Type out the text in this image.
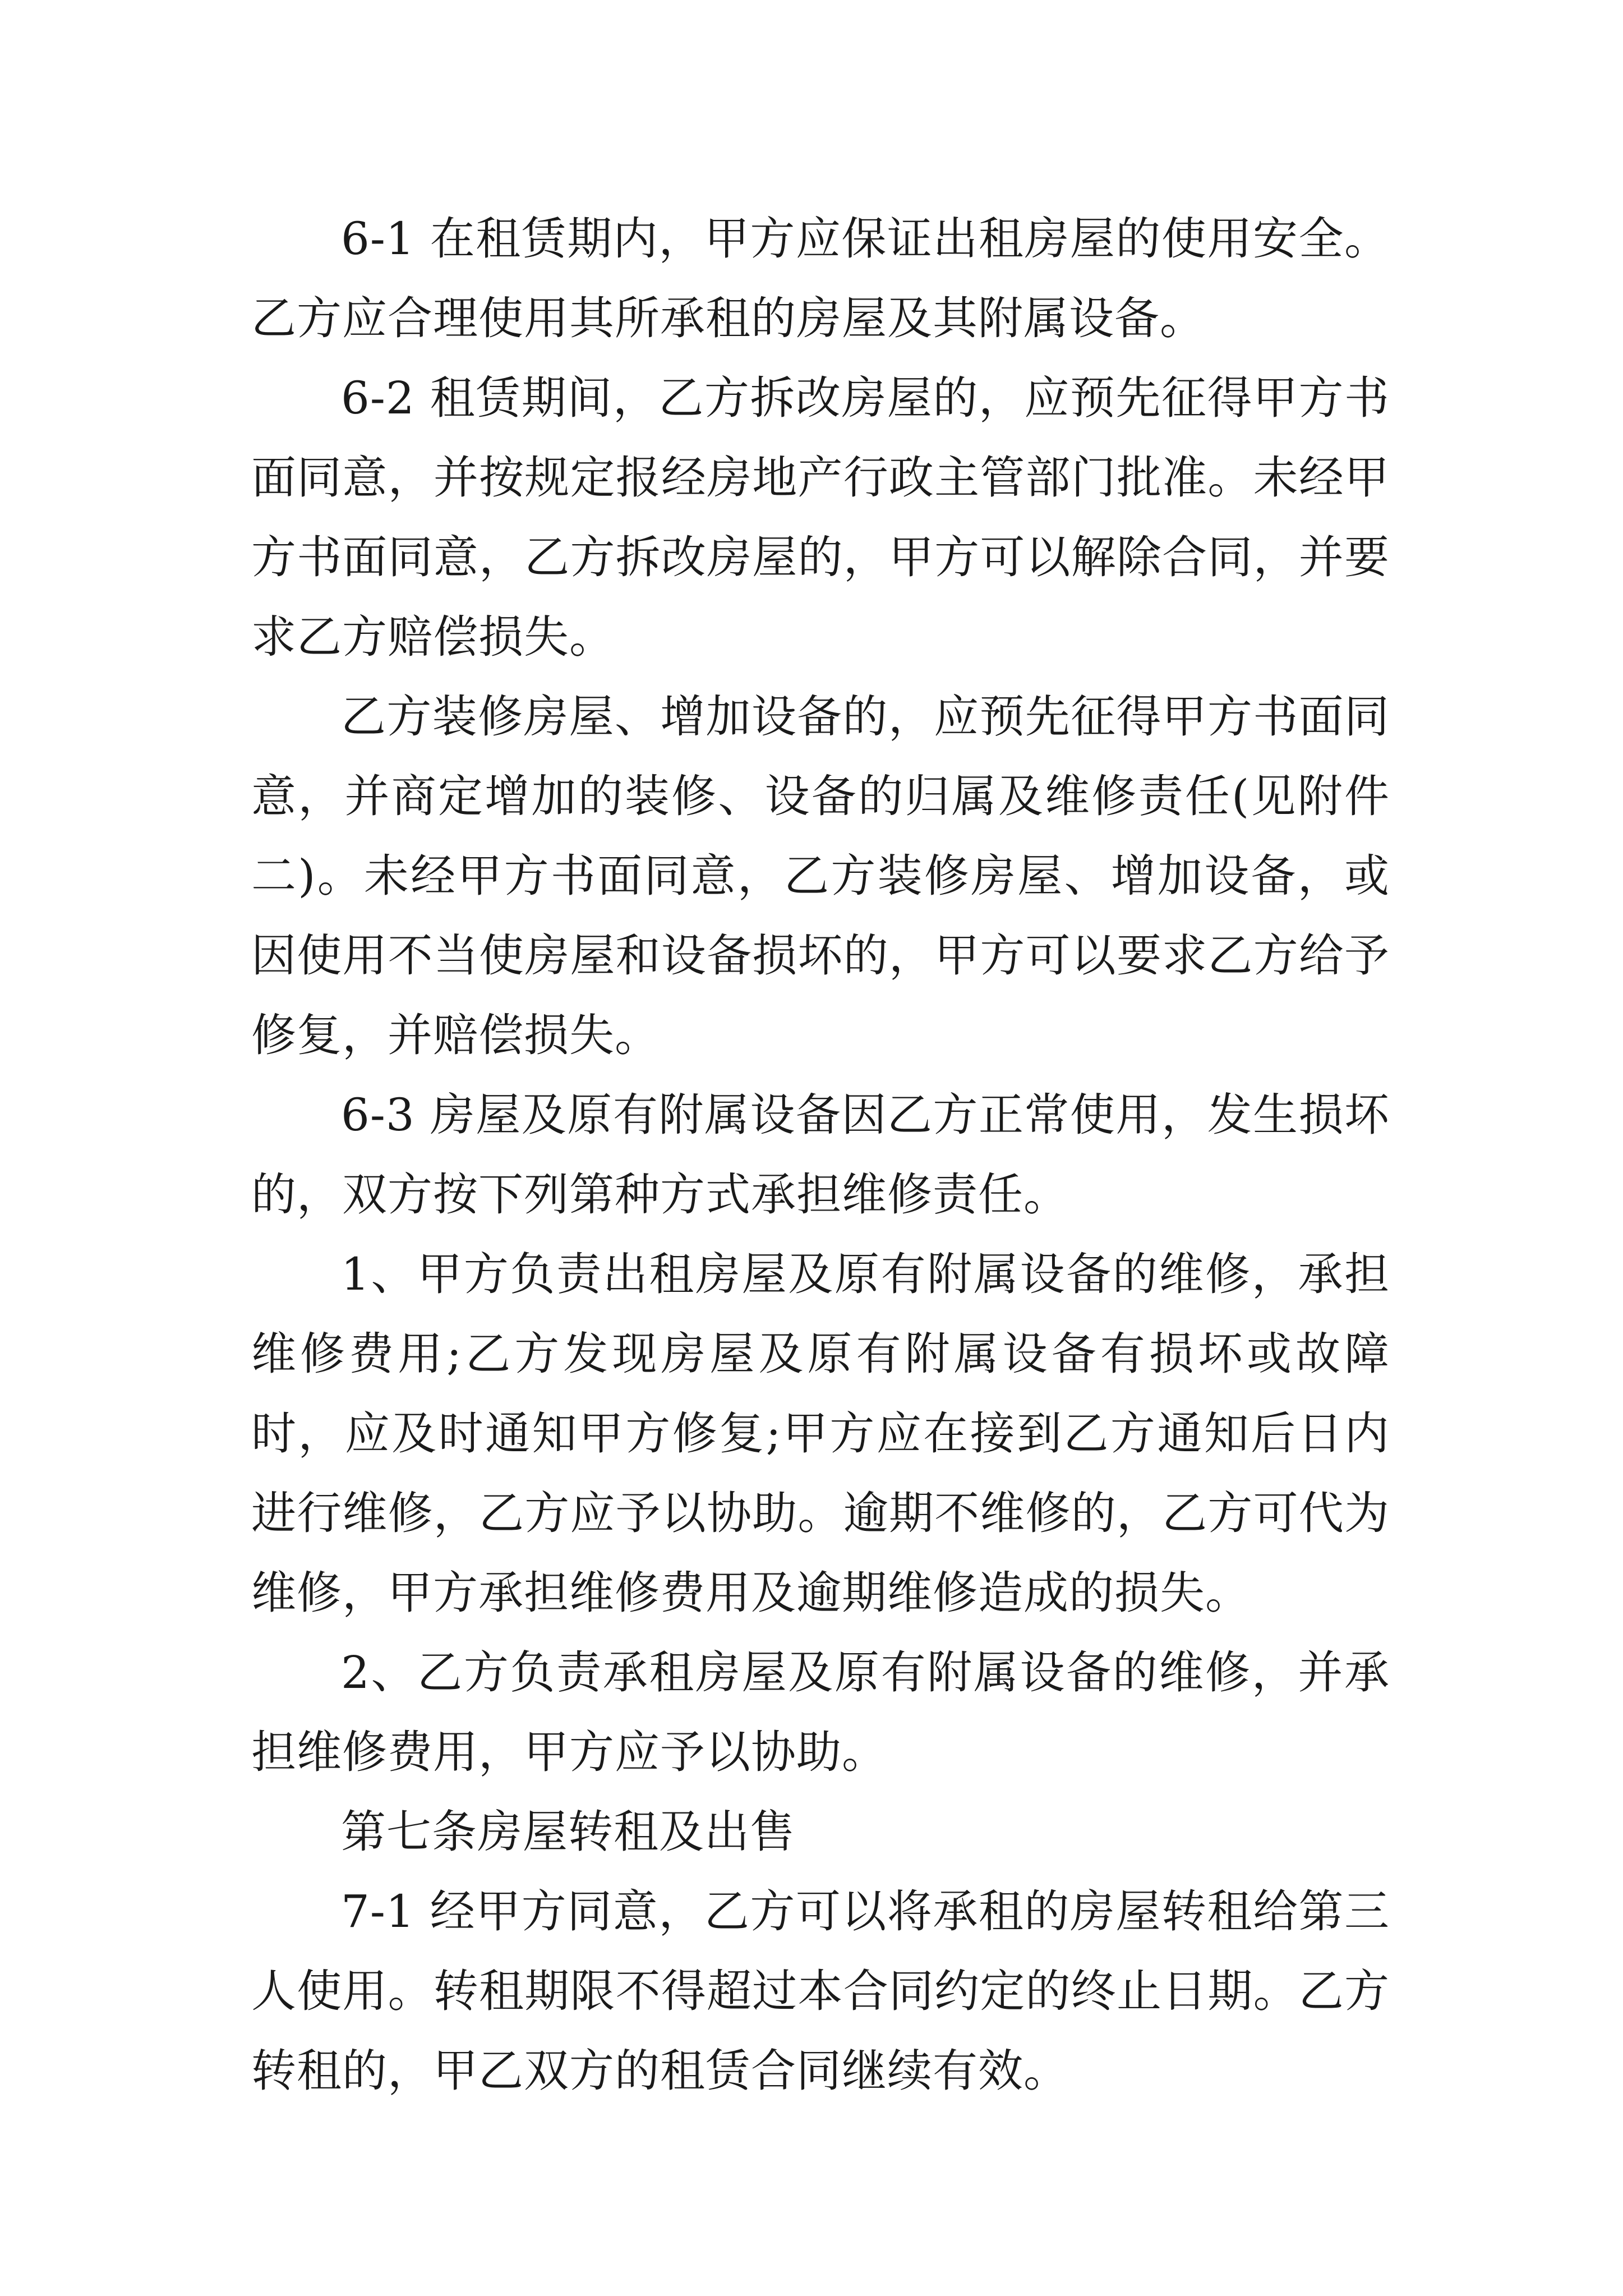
6-1 在租赁期内，甲方应保证出租房屋的使用安全。乙方应合理使用其所承租的房屋及其附属设备。

6-2 租赁期间，乙方拆改房屋的，应预先征得甲方书面同意，并按规定报经房地产行政主管部门批准。未经甲方书面同意，乙方拆改房屋的，甲方可以解除合同，并要求乙方赔偿损失。

乙方装修房屋、增加设备的，应预先征得甲方书面同意，并商定增加的装修、设备的归属及维修责任(见附件二)。未经甲方书面同意，乙方装修房屋、增加设备，或因使用不当使房屋和设备损坏的，甲方可以要求乙方给予修复，并赔偿损失。

6-3 房屋及原有附属设备因乙方正常使用，发生损坏的，双方按下列第种方式承担维修责任。

1、甲方负责出租房屋及原有附属设备的维修，承担维修费用;乙方发现房屋及原有附属设备有损坏或故障时，应及时通知甲方修复;甲方应在接到乙方通知后日内进行维修，乙方应予以协助。逾期不维修的，乙方可代为维修，甲方承担维修费用及逾期维修造成的损失。

2、乙方负责承租房屋及原有附属设备的维修，并承担维修费用，甲方应予以协助。

第七条房屋转租及出售

7-1 经甲方同意，乙方可以将承租的房屋转租给第三人使用。转租期限不得超过本合同约定的终止日期。乙方转租的，甲乙双方的租赁合同继续有效。
